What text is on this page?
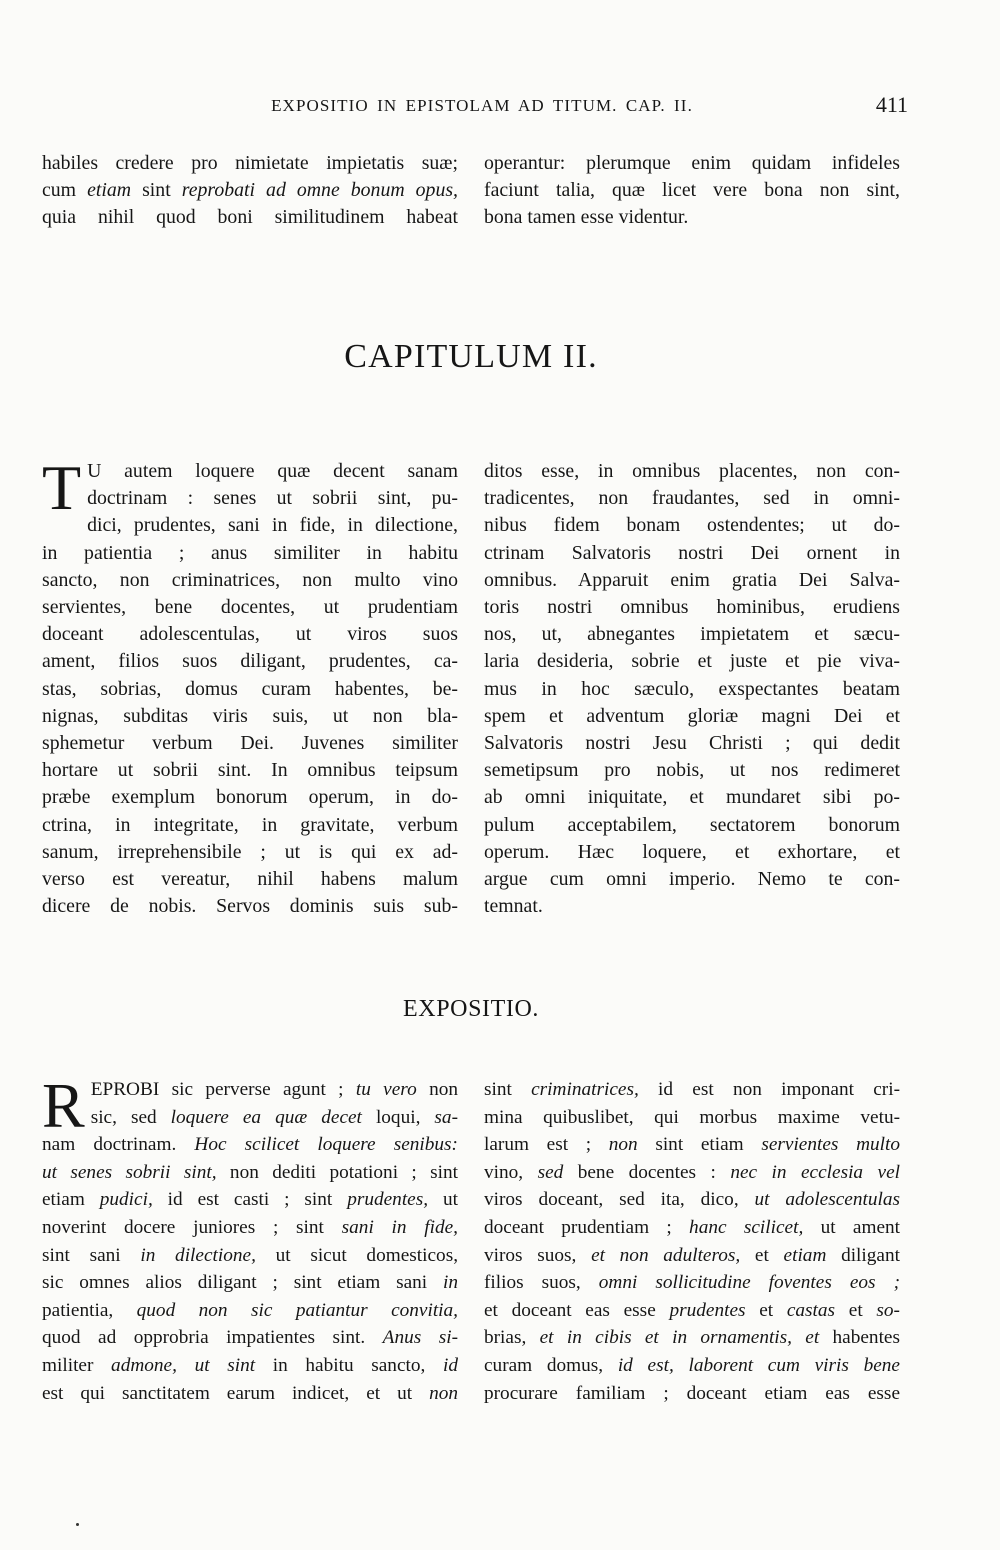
EXPOSITIO IN EPISTOLAM AD TITUM. CAP. II.	411
habiles credere pro nimietate impietatis suæ;
cum etiam sint reprobati ad omne bonum opus,
quia nihil quod boni similitudinem habeat
operantur: plerumque enim quidam infideles
faciunt talia, quæ licet vere bona non sint,
bona tamen esse videntur.
CAPITULUM II.
T U autem loquere quæ decent sanam
doctrinam : senes ut sobrii sint, pu-
dici, prudentes, sani in fide, in dilectione,
in patientia ; anus similiter in habitu
sancto, non criminatrices, non multo vino
servientes, bene docentes, ut prudentiam
doceant adolescentulas, ut viros suos
ament, filios suos diligant, prudentes, ca-
stas, sobrias, domus curam habentes, be-
nignas, subditas viris suis, ut non bla-
sphemetur verbum Dei. Juvenes similiter
hortare ut sobrii sint. In omnibus teipsum
præbe exemplum bonorum operum, in do-
ctrina, in integritate, in gravitate, verbum
sanum, irreprehensibile ; ut is qui ex ad-
verso est vereatur, nihil habens malum
dicere de nobis. Servos dominis suis sub-
ditos esse, in omnibus placentes, non con-
tradicentes, non fraudantes, sed in omni-
nibus fidem bonam ostendentes; ut do-
ctrinam Salvatoris nostri Dei ornent in
omnibus. Apparuit enim gratia Dei Salva-
toris nostri omnibus hominibus, erudiens
nos, ut, abnegantes impietatem et sæcu-
laria desideria, sobrie et juste et pie viva-
mus in hoc sæculo, exspectantes beatam
spem et adventum gloriæ magni Dei et
Salvatoris nostri Jesu Christi ; qui dedit
semetipsum pro nobis, ut nos redimeret
ab omni iniquitate, et mundaret sibi po-
pulum acceptabilem, sectatorem bonorum
operum. Hæc loquere, et exhortare, et
argue cum omni imperio. Nemo te con-
temnat.
EXPOSITIO.
R EPROBI sic perverse agunt ; tu vero non
sic, sed loquere ea quæ decet loqui, sa-
nam doctrinam. Hoc scilicet loquere senibus:
ut senes sobrii sint, non dediti potationi ; sint
etiam pudici, id est casti ; sint prudentes, ut
noverint docere juniores ; sint sani in fide,
sint sani in dilectione, ut sicut domesticos,
sic omnes alios diligant ; sint etiam sani in
patientia, quod non sic patiantur convitia,
quod ad opprobria impatientes sint. Anus si-
militer admone, ut sint in habitu sancto, id
est qui sanctitatem earum indicet, et ut non
sint criminatrices, id est non imponant cri-
mina quibuslibet, qui morbus maxime vetu-
larum est ; non sint etiam servientes multo
vino, sed bene docentes : nec in ecclesia vel
viros doceant, sed ita, dico, ut adolescentulas
doceant prudentiam ; hanc scilicet, ut ament
viros suos, et non adulteros, et etiam diligant
filios suos, omni sollicitudine foventes eos ;
et doceant eas esse prudentes et castas et so-
brias, et in cibis et in ornamentis, et habentes
curam domus, id est, laborent cum viris bene
procurare familiam ; doceant etiam eas esse
